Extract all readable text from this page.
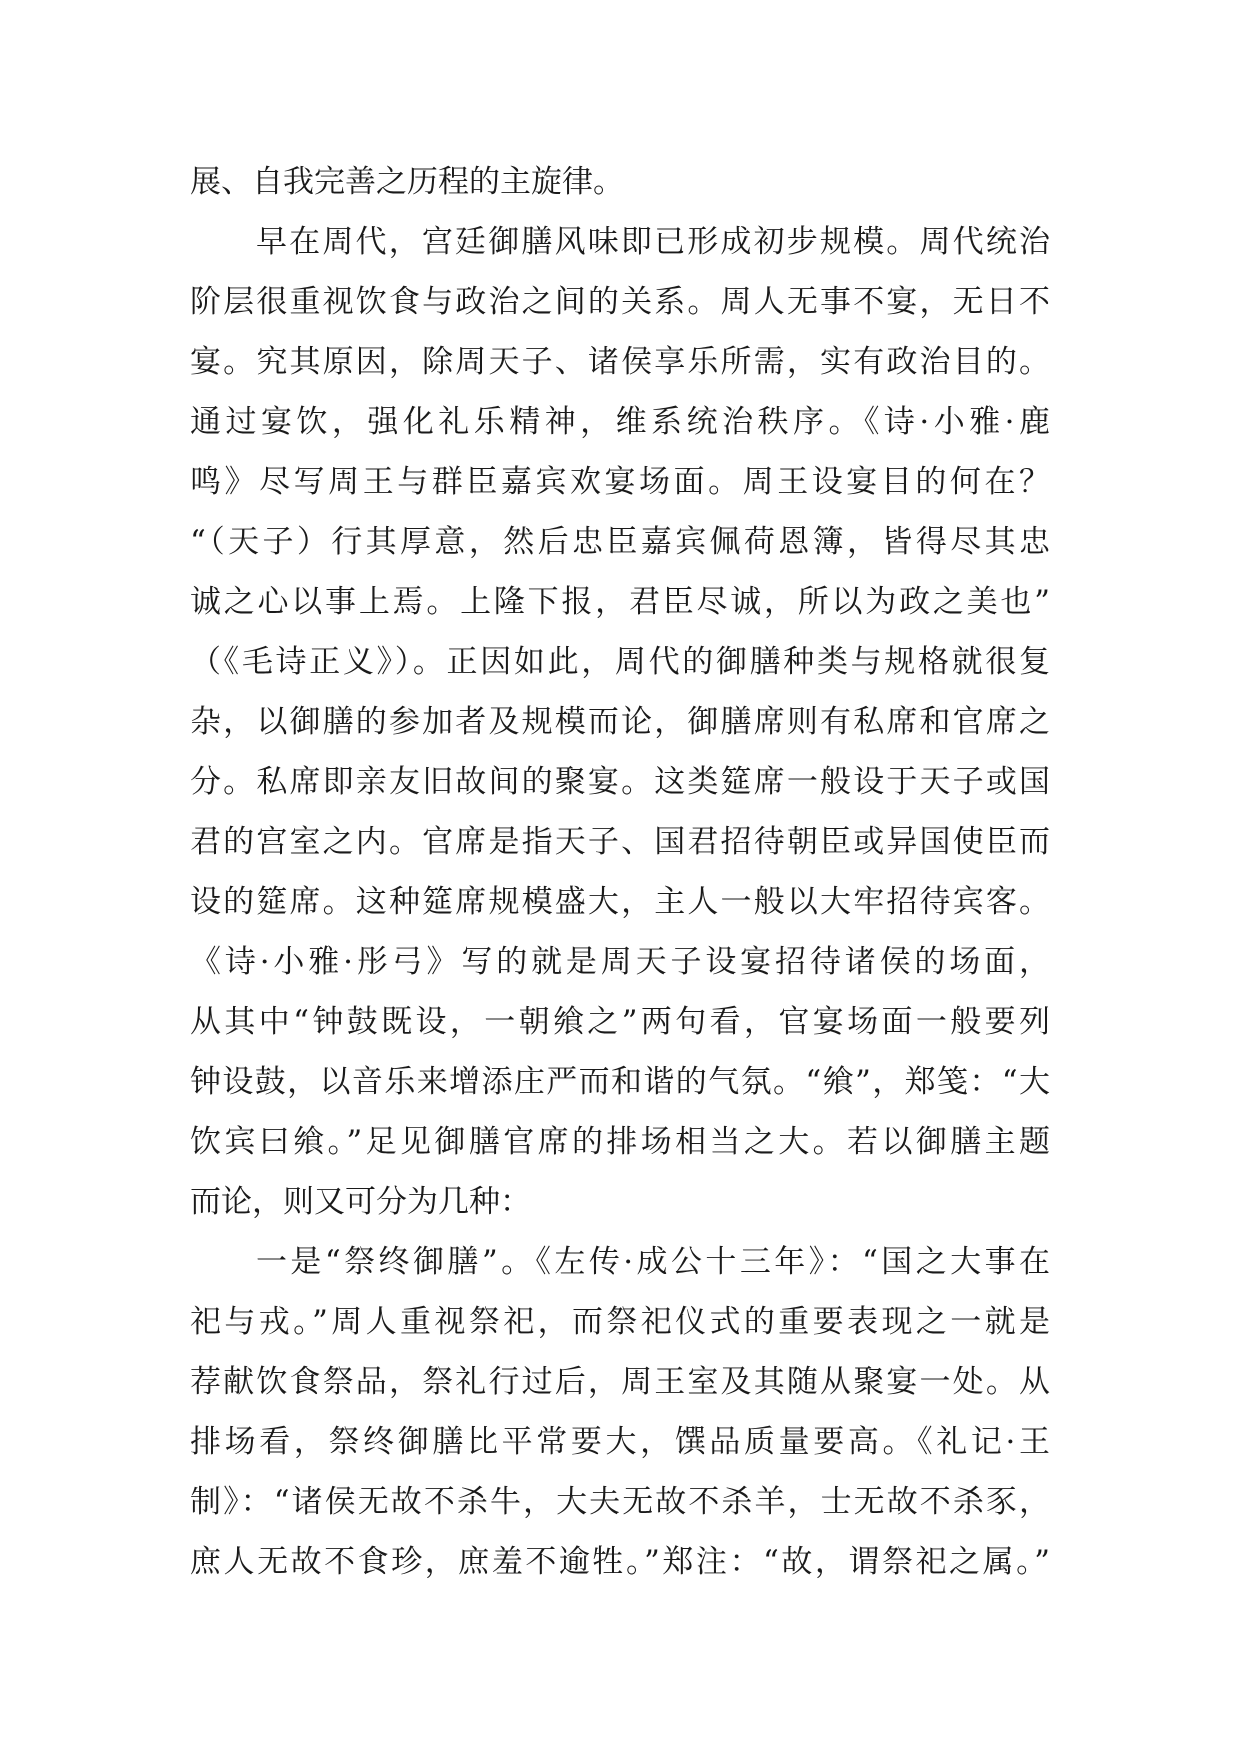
展、自我完善之历程的主旋律。
早在周代，宫廷御膳风味即已形成初步规模。周代统治
阶层很重视饮食与政治之间的关系。周人无事不宴，无日不
宴。究其原因，除周天子、诸侯享乐所需，实有政治目的。
通过宴饮，强化礼乐精神，维系统治秩序。《诗·小雅·鹿
鸣》尽写周王与群臣嘉宾欢宴场面。周王设宴目的何在？
“（天子）行其厚意，然后忠臣嘉宾佩荷恩簿，皆得尽其忠
诚之心以事上焉。上隆下报，君臣尽诚，所以为政之美也”
（《毛诗正义》）。正因如此，周代的御膳种类与规格就很复
杂，以御膳的参加者及规模而论，御膳席则有私席和官席之
分。私席即亲友旧故间的聚宴。这类筵席一般设于天子或国
君的宫室之内。官席是指天子、国君招待朝臣或异国使臣而
设的筵席。这种筵席规模盛大，主人一般以大牢招待宾客。
《诗·小雅·彤弓》写的就是周天子设宴招待诸侯的场面，
从其中“钟鼓既设，一朝飨之”两句看，官宴场面一般要列
钟设鼓，以音乐来增添庄严而和谐的气氛。“飨”，郑笺：“大
饮宾曰飨。”足见御膳官席的排场相当之大。若以御膳主题
而论，则又可分为几种：
一是“祭终御膳”。《左传·成公十三年》：“国之大事在
祀与戎。”周人重视祭祀，而祭祀仪式的重要表现之一就是
荐献饮食祭品，祭礼行过后，周王室及其随从聚宴一处。从
排场看，祭终御膳比平常要大，馔品质量要高。《礼记·王
制》：“诸侯无故不杀牛，大夫无故不杀羊，士无故不杀豕，
庶人无故不食珍，庶羞不逾牲。”郑注：“故，谓祭祀之属。”
